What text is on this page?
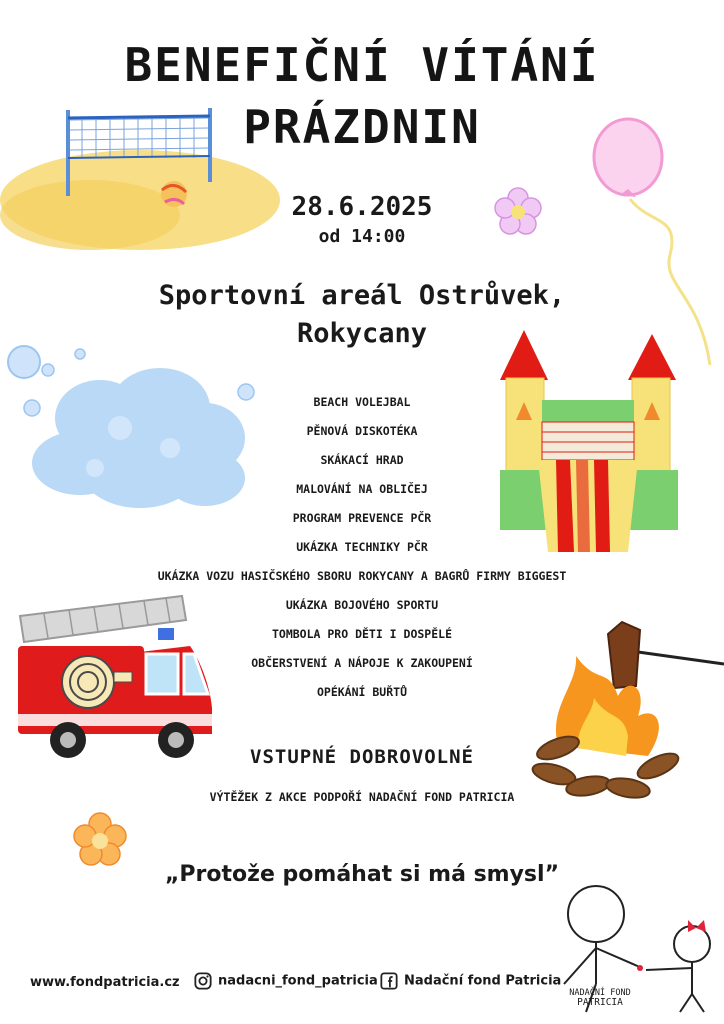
BENEFIČNÍ VÍTÁNÍ
PRÁZDNIN
28.6.2025
od 14:00
Sportovní areál Ostrůvek,
Rokycany
BEACH VOLEJBAL
PĚNOVÁ DISKOTÉKA
SKÁKACÍ HRAD
MALOVÁNÍ NA OBLIČEJ
PROGRAM PREVENCE PČR
UKÁZKA TECHNIKY PČR
UKÁZKA VOZU HASIČSKÉHO SBORU ROKYCANY A BAGRŮ FIRMY BIGGEST
UKÁZKA BOJOVÉHO SPORTU
TOMBOLA PRO DĚTI I DOSPĚLÉ
OBČERSTVENÍ A NÁPOJE K ZAKOUPENÍ
OPÉKÁNÍ BUŘTŮ
VSTUPNÉ DOBROVOLNÉ
VÝTĚŽEK Z AKCE PODPOŘÍ NADAČNÍ FOND PATRICIA
„Protože pomáhat si má smysl”
www.fondpatricia.cz	nadacni_fond_patricia	Nadační fond Patricia
NADAČNÍ FOND
PATRICIA
